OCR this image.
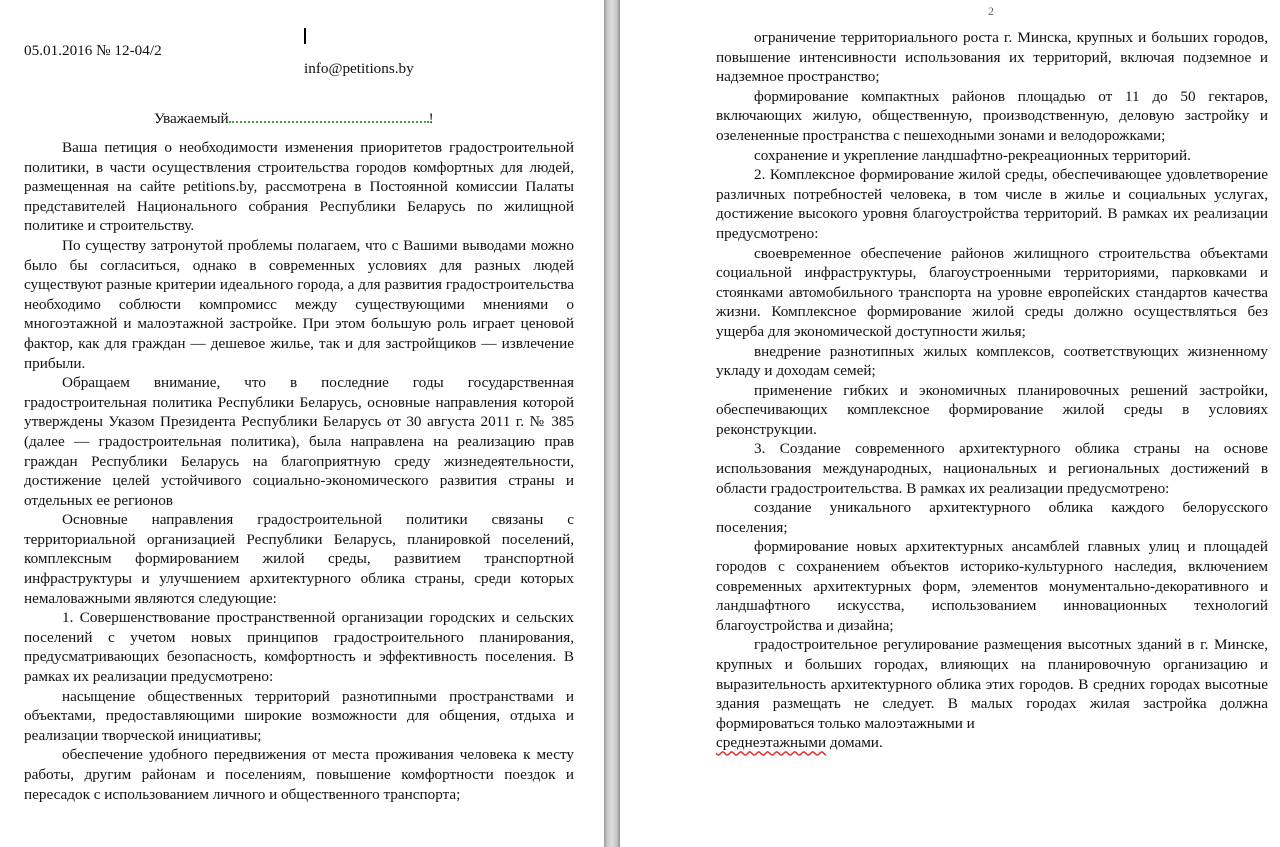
05.01.2016 № 12-04/2
info@petitions.by
Уважаемый	!

Ваша петиция о необходимости изменения приоритетов градостроительной политики, в части осуществления строительства городов комфортных для людей, размещенная на сайте petitions.by, рассмотрена в Постоянной комиссии Палаты представителей Национального собрания Республики Беларусь по жилищной политике и строительству.

По существу затронутой проблемы полагаем, что с Вашими выводами можно было бы согласиться, однако в современных условиях для разных людей существуют разные критерии идеального города, а для развития градостроительства необходимо соблюсти компромисс между существующими мнениями о многоэтажной и малоэтажной застройке. При этом большую роль играет ценовой фактор, как для граждан — дешевое жилье, так и для застройщиков — извлечение прибыли.

Обращаем внимание, что в последние годы государственная градостроительная политика Республики Беларусь, основные направления которой утверждены Указом Президента Республики Беларусь от 30 августа 2011 г. № 385 (далее — градостроительная политика), была направлена на реализацию прав граждан Республики Беларусь на благоприятную среду жизнедеятельности, достижение целей устойчивого социально-экономического развития страны и отдельных ее регионов

Основные направления градостроительной политики связаны с территориальной организацией Республики Беларусь, планировкой поселений, комплексным формированием жилой среды, развитием транспортной инфраструктуры и улучшением архитектурного облика страны, среди которых немаловажными являются следующие:

1. Совершенствование пространственной организации городских и сельских поселений с учетом новых принципов градостроительного планирования, предусматривающих безопасность, комфортность и эффективность поселения. В рамках их реализации предусмотрено:

насыщение общественных территорий разнотипными пространствами и объектами, предоставляющими широкие возможности для общения, отдыха и реализации творческой инициативы;

обеспечение удобного передвижения от места проживания человека к месту работы, другим районам и поселениям, повышение комфортности поездок и пересадок с использованием личного и общественного транспорта;

2

ограничение территориального роста г. Минска, крупных и больших городов, повышение интенсивности использования их территорий, включая подземное и надземное пространство;

формирование компактных районов площадью от 11 до 50 гектаров, включающих жилую, общественную, производственную, деловую застройку и озелененные пространства с пешеходными зонами и велодорожками;

сохранение и укрепление ландшафтно-рекреационных территорий.

2. Комплексное формирование жилой среды, обеспечивающее удовлетворение различных потребностей человека, в том числе в жилье и социальных услугах, достижение высокого уровня благоустройства территорий. В рамках их реализации предусмотрено:

своевременное обеспечение районов жилищного строительства объектами социальной инфраструктуры, благоустроенными территориями, парковками и стоянками автомобильного транспорта на уровне европейских стандартов качества жизни. Комплексное формирование жилой среды должно осуществляться без ущерба для экономической доступности жилья;

внедрение разнотипных жилых комплексов, соответствующих жизненному укладу и доходам семей;

применение гибких и экономичных планировочных решений застройки, обеспечивающих комплексное формирование жилой среды в условиях реконструкции.

3. Создание современного архитектурного облика страны на основе использования международных, национальных и региональных достижений в области градостроительства. В рамках их реализации предусмотрено:

создание уникального архитектурного облика каждого белорусского поселения;

формирование новых архитектурных ансамблей главных улиц и площадей городов с сохранением объектов историко-культурного наследия, включением современных архитектурных форм, элементов монументально-декоративного и ландшафтного искусства, использованием инновационных технологий благоустройства и дизайна;

градостроительное регулирование размещения высотных зданий в г. Минске, крупных и больших городах, влияющих на планировочную организацию и выразительность архитектурного облика этих городов. В средних городах высотные здания размещать не следует. В малых городах жилая застройка должна формироваться только малоэтажными и

среднеэтажными домами.
